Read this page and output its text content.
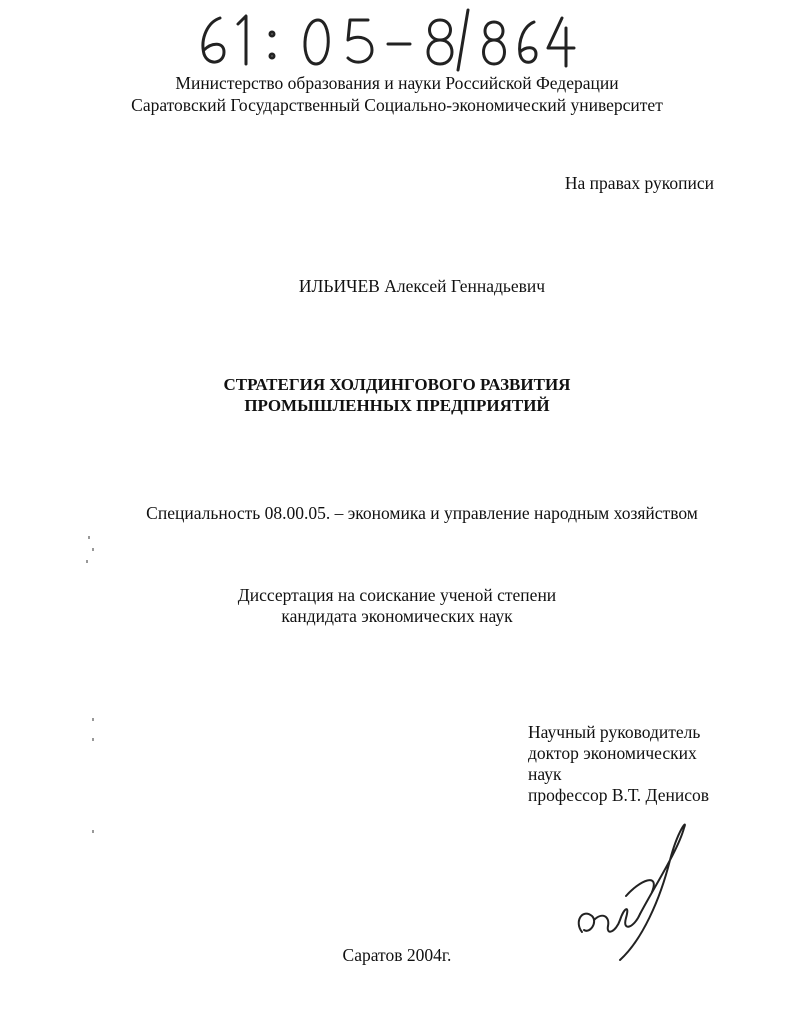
Министерство образования и науки Российской Федерации

Саратовский Государственный Социально-экономический университет

На правах рукописи

ИЛЬИЧЕВ Алексей Геннадьевич

СТРАТЕГИЯ ХОЛДИНГОВОГО РАЗВИТИЯ

ПРОМЫШЛЕННЫХ ПРЕДПРИЯТИЙ

Специальность 08.00.05. – экономика и управление народным хозяйством

Диссертация на соискание ученой степени

кандидата экономических наук

Научный руководитель

доктор экономических

наук

профессор В.Т. Денисов

Саратов 2004г.
